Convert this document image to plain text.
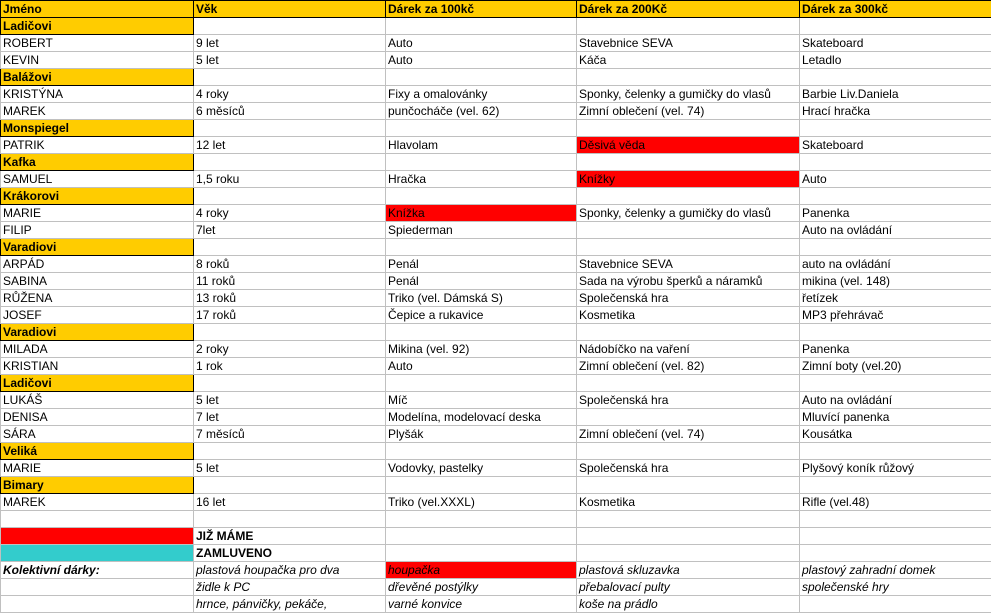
Jméno	Věk	Dárek za 100kč	Dárek za 200Kč	Dárek za 300kč
Ladičovi				
ROBERT	9 let	Auto	Stavebnice SEVA	Skateboard
KEVIN	5 let	Auto	Káča	Letadlo
Balážovi				
KRISTÝNA	4 roky	Fixy a omalovánky	Sponky, čelenky a gumičky do vlasů	Barbie Liv.Daniela
MAREK	6 měsíců	punčocháče (vel. 62)	Zimní oblečení (vel. 74)	Hrací hračka
Monspiegel				
PATRIK	12 let	Hlavolam	Děsivá věda	Skateboard
Kafka				
SAMUEL	1,5 roku	Hračka	Knížky	Auto
Krákorovi				
MARIE	4 roky	Knížka	Sponky, čelenky a gumičky do vlasů	Panenka
FILIP	7let	Spiederman		Auto na ovládání
Varadiovi				
ARPÁD	8 roků	Penál	Stavebnice SEVA	auto na ovládání
SABINA	11 roků	Penál	Sada na výrobu šperků a náramků	mikina (vel. 148)
RŮŽENA	13 roků	Triko (vel. Dámská S)	Společenská hra	řetízek
JOSEF	17 roků	Čepice a rukavice	Kosmetika	MP3 přehrávač
Varadiovi				
MILADA	2 roky	Mikina (vel. 92)	Nádobíčko na vaření	Panenka
KRISTIAN	1 rok	Auto	Zimní oblečení (vel. 82)	Zimní boty (vel.20)
Ladičovi				
LUKÁŠ	5 let	Míč	Společenská hra	Auto na ovládání
DENISA	7 let	Modelína, modelovací deska		Mluvící panenka
SÁRA	7 měsíců	Plyšák	Zimní oblečení (vel. 74)	Kousátka
Veliká				
MARIE	5 let	Vodovky, pastelky	Společenská hra	Plyšový koník růžový
Bimary				
MAREK	16 let	Triko (vel.XXXL)	Kosmetika	Rifle (vel.48)

	JIŽ MÁME			
	ZAMLUVENO			
Kolektivní dárky:	plastová houpačka pro dva	houpačka	plastová skluzavka	plastový zahradní domek
	židle k PC	dřevěné postýlky	přebalovací pulty	společenské hry
	hrnce, pánvičky, pekáče,	varné konvice	koše na prádlo	
